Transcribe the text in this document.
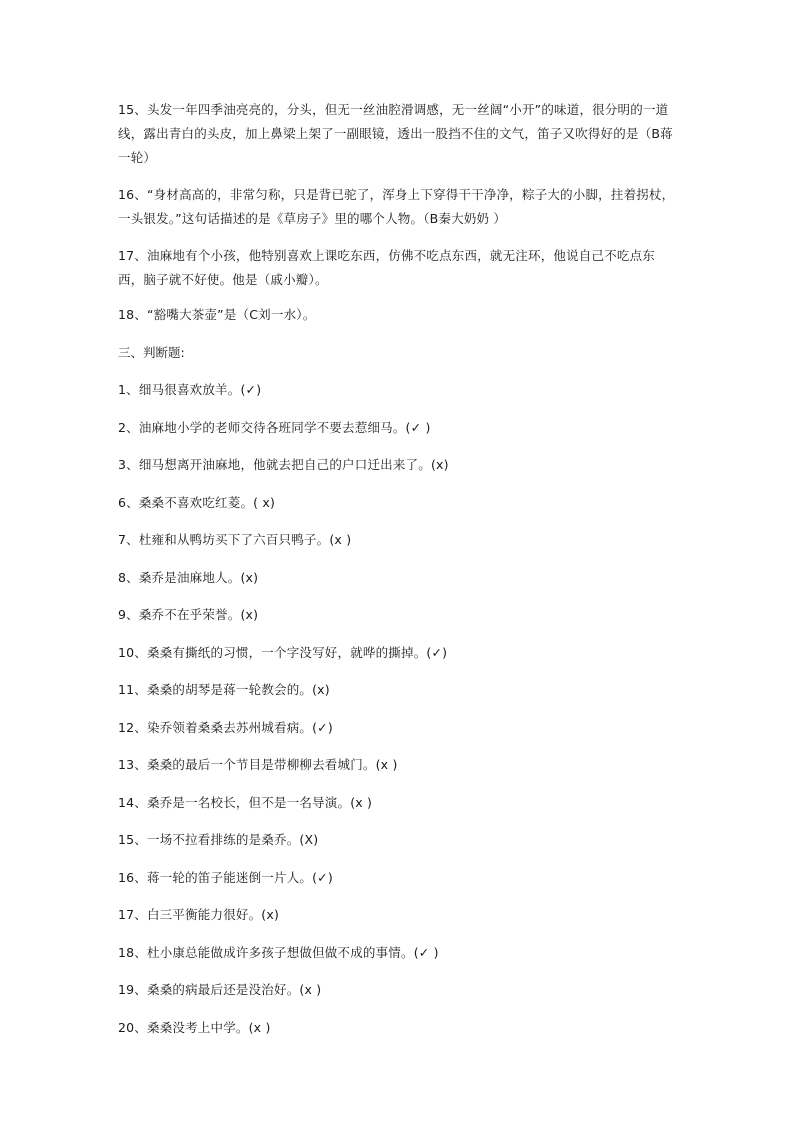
15、头发一年四季油亮亮的，分头，但无一丝油腔滑调感，无一丝阔“小开”的味道，很分明的一道线，露出青白的头皮，加上鼻梁上架了一副眼镜，透出一股挡不住的文气，笛子又吹得好的是（B蒋一轮）

16、“身材高高的，非常匀称，只是背已驼了，浑身上下穿得干干净净，粽子大的小脚，拄着拐杖，一头银发。”这句话描述的是《草房子》里的哪个人物。（B秦大奶奶 ）

17、油麻地有个小孩，他特别喜欢上课吃东西，仿佛不吃点东西，就无注环，他说自己不吃点东西，脑子就不好使。他是（戚小瓣）。

18、“豁嘴大茶壶”是（C刘一水）。

三、判断题:

1、细马很喜欢放羊。(✓)

2、油麻地小学的老师交待各班同学不要去惹细马。(✓ )

3、细马想离开油麻地，他就去把自己的户口迁出来了。(x)

6、桑桑不喜欢吃红菱。( x)

7、杜雍和从鸭坊买下了六百只鸭子。(x )

8、桑乔是油麻地人。(x)

9、桑乔不在乎荣誉。(x)

10、桑桑有撕纸的习惯，一个字没写好，就哗的撕掉。(✓)

11、桑桑的胡琴是蒋一轮教会的。(x)

12、染乔领着桑桑去苏州城看病。(✓)

13、桑桑的最后一个节目是带柳柳去看城门。(x )

14、桑乔是一名校长，但不是一名导演。(x )

15、一场不拉看排练的是桑乔。(X)

16、蒋一轮的笛子能迷倒一片人。(✓)

17、白三平衡能力很好。(x)

18、杜小康总能做成许多孩子想做但做不成的事情。(✓ )

19、桑桑的病最后还是没治好。(x )

20、桑桑没考上中学。(x )
